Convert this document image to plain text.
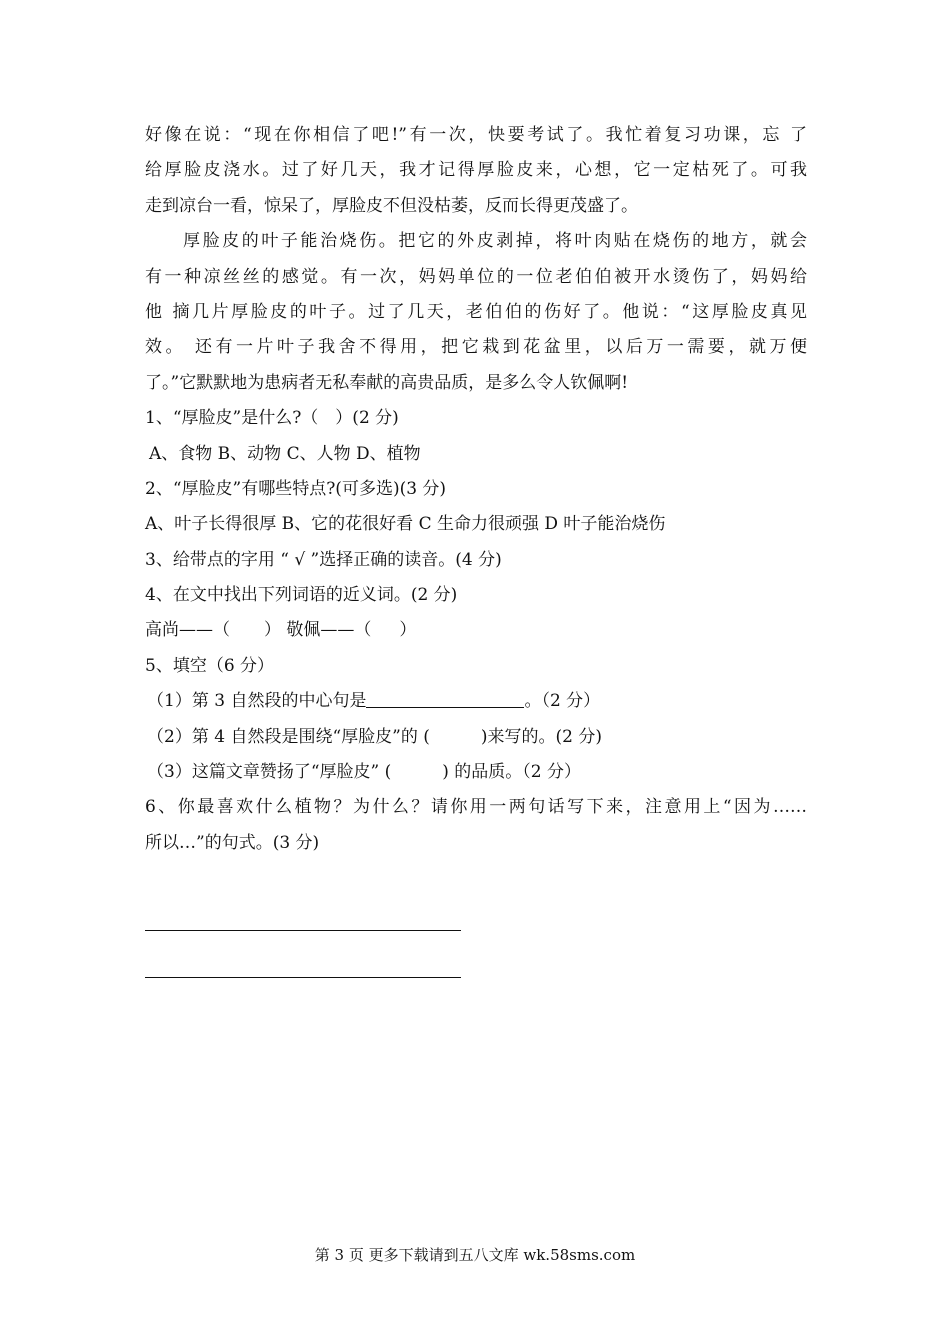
好像在说：“现在你相信了吧!”有一次，快要考试了。我忙着复习功课，忘 了
给厚脸皮浇水。过了好几天，我才记得厚脸皮来，心想，它一定枯死了。可我
走到凉台一看，惊呆了，厚脸皮不但没枯萎，反而长得更茂盛了。
厚脸皮的叶子能治烧伤。把它的外皮剥掉，将叶肉贴在烧伤的地方，就会
有一种凉丝丝的感觉。有一次，妈妈单位的一位老伯伯被开水烫伤了，妈妈给
他 摘几片厚脸皮的叶子。过了几天，老伯伯的伤好了。他说：“这厚脸皮真见
效。 还有一片叶子我舍不得用，把它栽到花盆里，以后万一需要，就万便
了。”它默默地为患病者无私奉献的高贵品质，是多么令人钦佩啊!
1、“厚脸皮”是什么?（　）(2 分)
A、食物 B、动物 C、人物 D、植物
2、“厚脸皮”有哪些特点?(可多选)(3 分)
A、叶子长得很厚 B、它的花很好看 C 生命力很顽强 D 叶子能治烧伤
3、给带点的字用 “ √ ”选择正确的读音。(4 分)
4、在文中找出下列词语的近义词。(2 分)
高尚——（ ） 敬佩——（ ）
5、填空（6 分）
（1）第 3 自然段的中心句是	。（2 分）
（2）第 4 自然段是围绕“厚脸皮”的 (　　　)来写的。(2 分)
（3）这篇文章赞扬了“厚脸皮” (　　　) 的品质。（2 分）
6、你最喜欢什么植物？为什么？请你用一两句话写下来，注意用上“因为……
所以…”的句式。(3 分)
第 3 页 更多下载请到五八文库 wk.58sms.com
